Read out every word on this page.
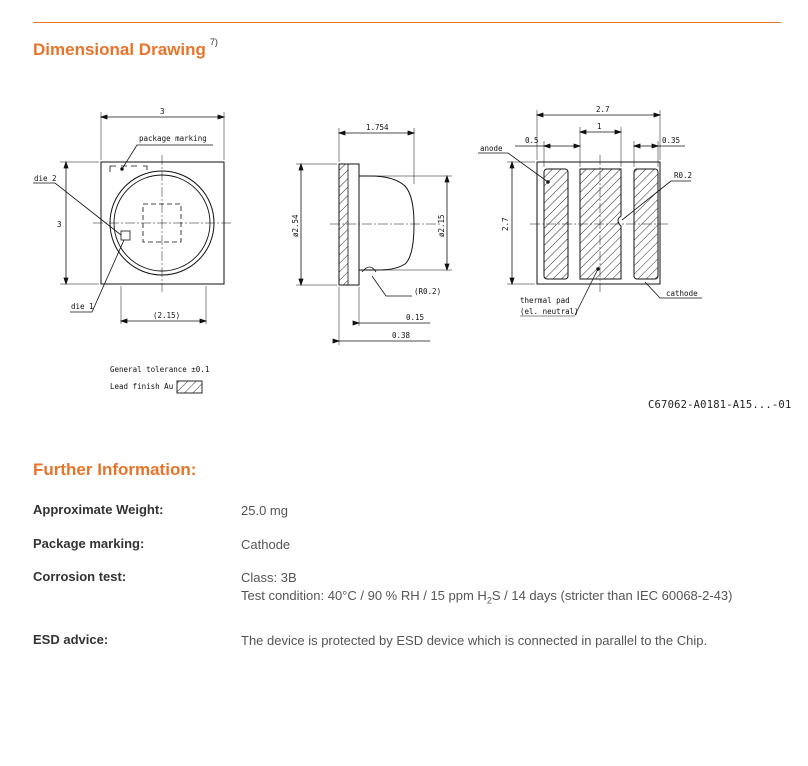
Dimensional Drawing $^{7)}$
3
3
(2.15)
package marking
die 2
die 1
1.754
ø2.54	ø2.15
(R0.2)
0.15
0.38
2.7
1
0.5	0.35
2.7
R0.2
anode
cathode
thermal pad
(el. neutral)
General tolerance ±0.1
Lead finish Au
C67062-A0181-A15...-01
Further Information:
Approximate Weight:	25.0 mg
Package marking:	Cathode
Corrosion test:	Class: 3B
Test condition: 40°C / 90 % RH / 15 ppm $H_2S / 14$ days (stricter than IEC 60068-2-43)
ESD advice:	The device is protected by ESD device which is connected in parallel to the Chip.
